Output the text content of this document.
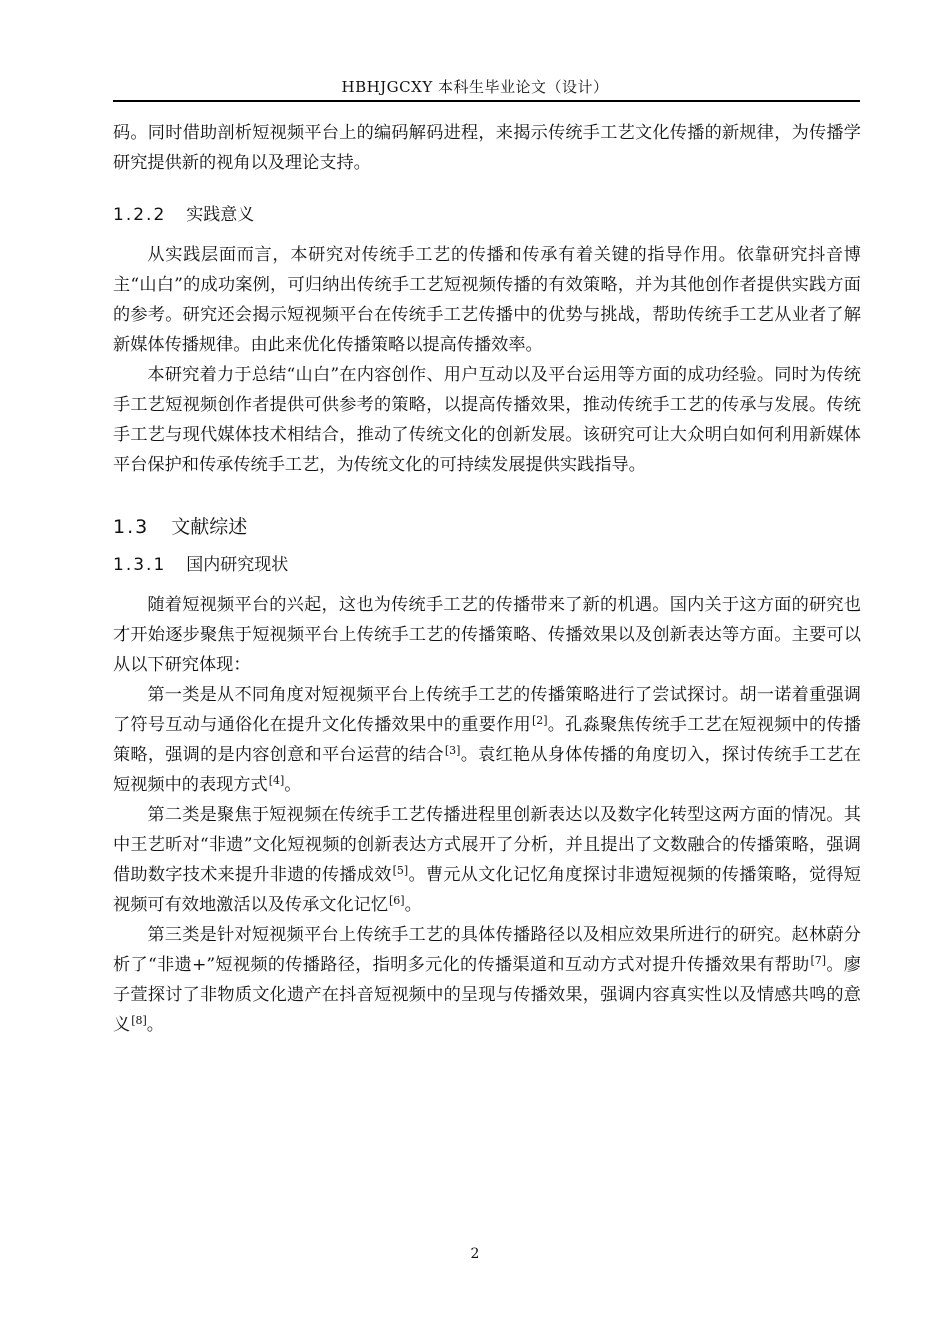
HBHJGCXY 本科生毕业论文（设计）

码。同时借助剖析短视频平台上的编码解码进程，来揭示传统手工艺文化传播的新规律，为传播学研究提供新的视角以及理论支持。

1.2.2 实践意义

从实践层面而言，本研究对传统手工艺的传播和传承有着关键的指导作用。依靠研究抖音博主“山白”的成功案例，可归纳出传统手工艺短视频传播的有效策略，并为其他创作者提供实践方面的参考。研究还会揭示短视频平台在传统手工艺传播中的优势与挑战，帮助传统手工艺从业者了解新媒体传播规律。由此来优化传播策略以提高传播效率。

本研究着力于总结“山白”在内容创作、用户互动以及平台运用等方面的成功经验。同时为传统手工艺短视频创作者提供可供参考的策略，以提高传播效果，推动传统手工艺的传承与发展。传统手工艺与现代媒体技术相结合，推动了传统文化的创新发展。该研究可让大众明白如何利用新媒体平台保护和传承传统手工艺，为传统文化的可持续发展提供实践指导。

1.3 文献综述
1.3.1 国内研究现状

随着短视频平台的兴起，这也为传统手工艺的传播带来了新的机遇。国内关于这方面的研究也才开始逐步聚焦于短视频平台上传统手工艺的传播策略、传播效果以及创新表达等方面。主要可以从以下研究体现：

第一类是从不同角度对短视频平台上传统手工艺的传播策略进行了尝试探讨。胡一诺着重强调了符号互动与通俗化在提升文化传播效果中的重要作用[2]。孔淼聚焦传统手工艺在短视频中的传播策略，强调的是内容创意和平台运营的结合[3]。袁红艳从身体传播的角度切入，探讨传统手工艺在短视频中的表现方式[4]。

第二类是聚焦于短视频在传统手工艺传播进程里创新表达以及数字化转型这两方面的情况。其中王艺昕对“非遗”文化短视频的创新表达方式展开了分析，并且提出了文数融合的传播策略，强调借助数字技术来提升非遗的传播成效[5]。曹元从文化记忆角度探讨非遗短视频的传播策略，觉得短视频可有效地激活以及传承文化记忆[6]。

第三类是针对短视频平台上传统手工艺的具体传播路径以及相应效果所进行的研究。赵林蔚分析了“非遗+”短视频的传播路径，指明多元化的传播渠道和互动方式对提升传播效果有帮助[7]。廖子萱探讨了非物质文化遗产在抖音短视频中的呈现与传播效果，强调内容真实性以及情感共鸣的意义[8]。

2
